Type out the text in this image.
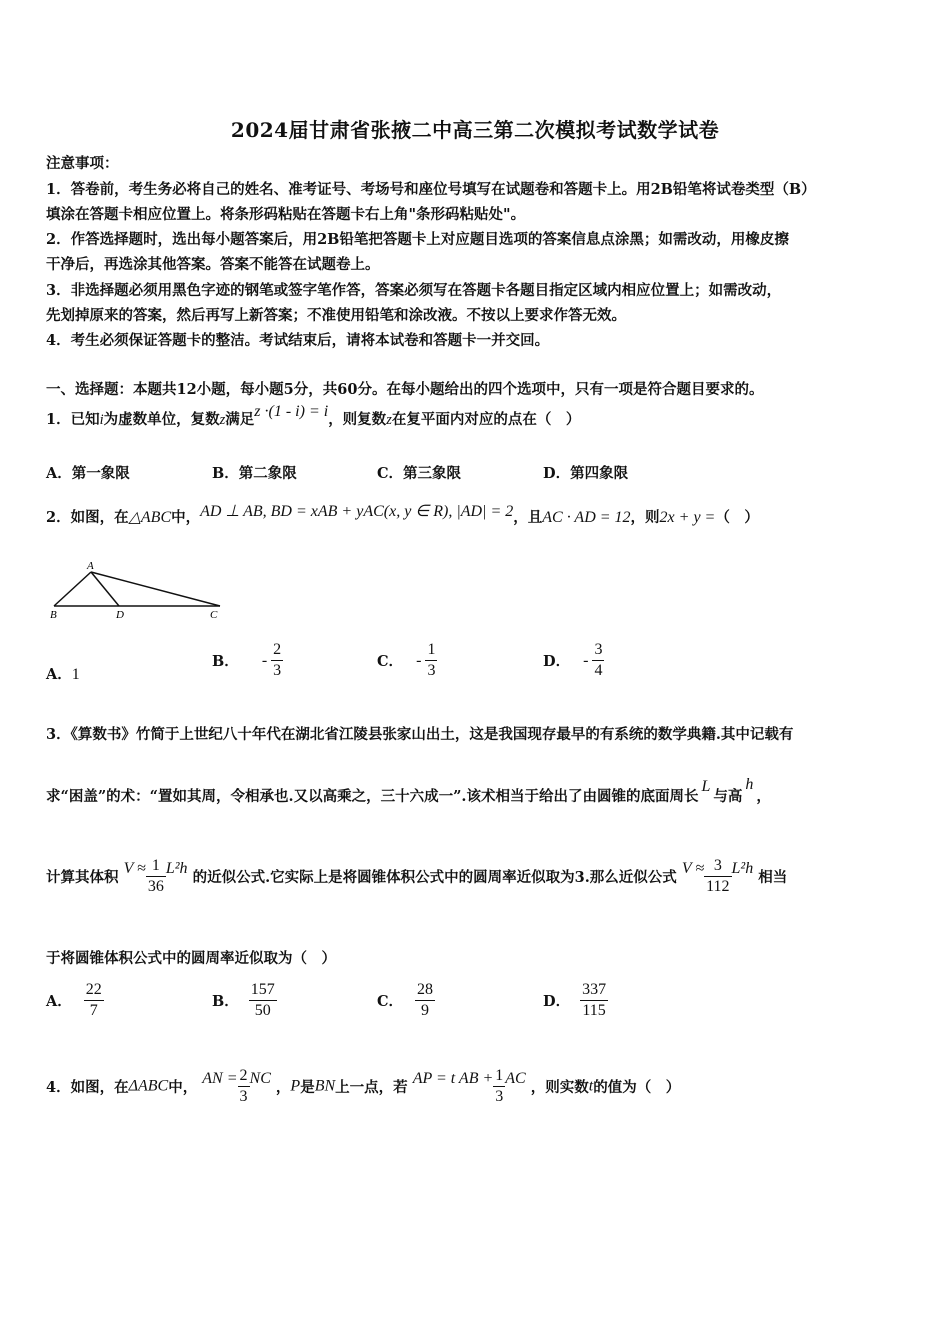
2024届甘肃省张掖二中高三第二次模拟考试数学试卷
注意事项：
1．答卷前，考生务必将自己的姓名、准考证号、考场号和座位号填写在试题卷和答题卡上。用2B铅笔将试卷类型（B）
填涂在答题卡相应位置上。将条形码粘贴在答题卡右上角"条形码粘贴处"。
2．作答选择题时，选出每小题答案后，用2B铅笔把答题卡上对应题目选项的答案信息点涂黑；如需改动，用橡皮擦
干净后，再选涂其他答案。答案不能答在试题卷上。
3．非选择题必须用黑色字迹的钢笔或签字笔作答，答案必须写在答题卡各题目指定区域内相应位置上；如需改动，
先划掉原来的答案，然后再写上新答案；不准使用铅笔和涂改液。不按以上要求作答无效。
4．考生必须保证答题卡的整洁。考试结束后，请将本试卷和答题卡一并交回。
一、选择题：本题共12小题，每小题5分，共60分。在每小题给出的四个选项中，只有一项是符合题目要求的。
1．已知i为虚数单位，复数z满足z ·(1 - i) = i，则复数z在复平面内对应的点在（　）
A．第一象限	B．第二象限	C．第三象限	D．第四象限
2．如图，在△ABC中，AD ⊥ AB, BD = xAB + yAC(x, y ∈ R), |AD| = 2，且AC · AD = 12，则2x + y =（　）
A
B	D	C
A．1
B． - $\frac{2}{3}$	C． - $\frac{1}{3}$	D． - $\frac{3}{4}$
3．《算数书》竹简于上世纪八十年代在湖北省江陵县张家山出土，这是我国现存最早的有系统的数学典籍.其中记载有
求“困盖”的术：“置如其周，令相承也.又以高乘之，三十六成一”.该术相当于给出了由圆锥的底面周长L与高h，
计算其体积 $V \approx \frac{1}{36} L^2h$ 的近似公式.它实际上是将圆锥体积公式中的圆周率近似取为3.那么近似公式 $V \approx \frac{3}{112} L^2h$ 相当
于将圆锥体积公式中的圆周率近似取为（　）
A． $\frac{22}{7}$	B． $\frac{157}{50}$	C． $\frac{28}{9}$	D． $\frac{337}{115}$
4．如图，在ΔABC中， AN = $\frac{2}{3}$ NC ，P是BN上一点，若 AP = t AB + $\frac{1}{3}$ AC ，则实数t的值为（　）
